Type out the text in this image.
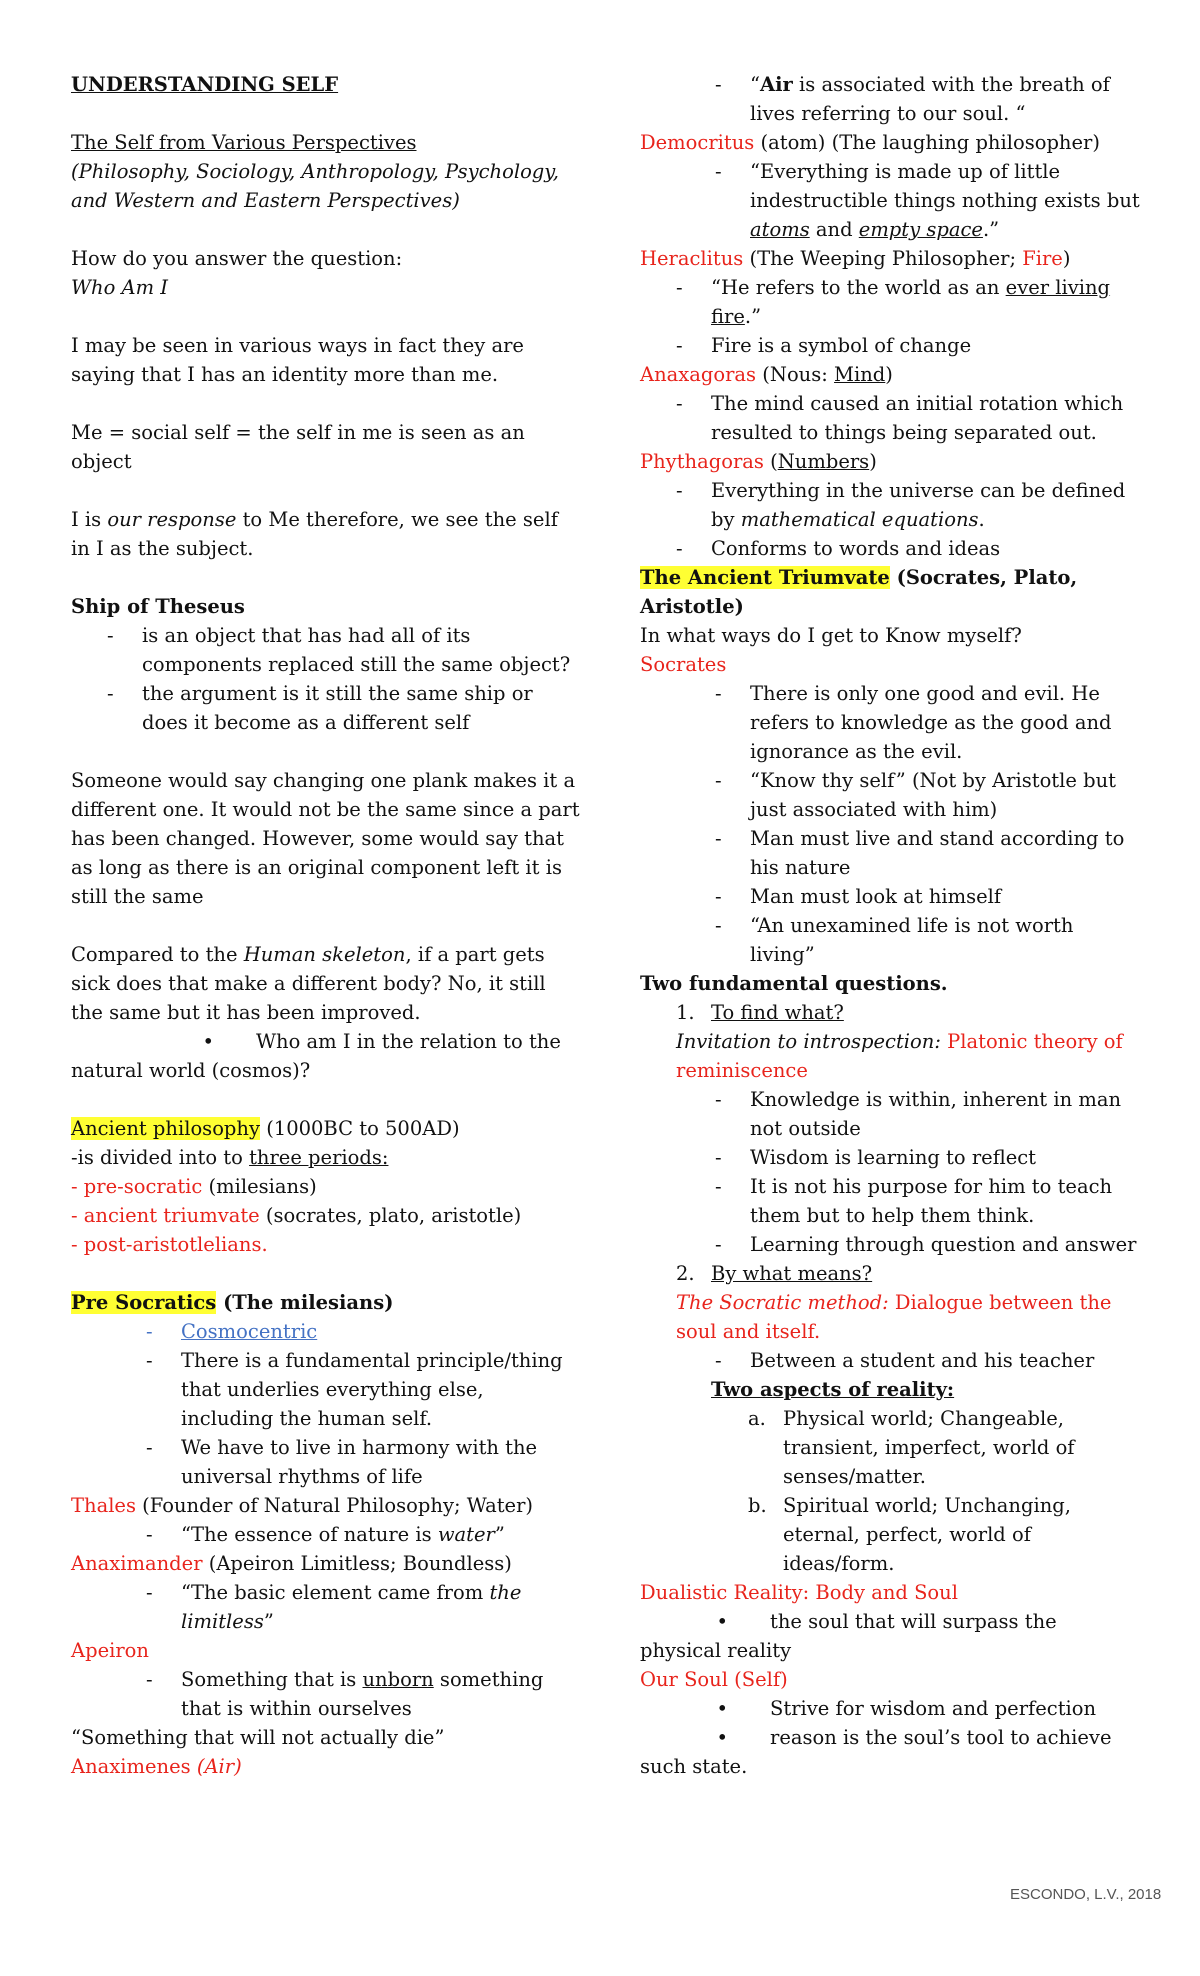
UNDERSTANDING SELF

The Self from Various Perspectives

(Philosophy, Sociology, Anthropology, Psychology, and Western and Eastern Perspectives)

How do you answer the question:

Who Am I

I may be seen in various ways in fact they are saying that I has an identity more than me.

Me = social self = the self in me is seen as an object

I is our response to Me therefore, we see the self in I as the subject.

Ship of Theseus

- is an object that has had all of its components replaced still the same object?
- the argument is it still the same ship or does it become as a different self

Someone would say changing one plank makes it a different one. It would not be the same since a part has been changed. However, some would say that as long as there is an original component left it is still the same

Compared to the Human skeleton, if a part gets sick does that make a different body? No, it still the same but it has been improved.

• Who am I in the relation to the

natural world (cosmos)?

Ancient philosophy (1000BC to 500AD)

-is divided into to three periods:

- pre-socratic (milesians)

- ancient triumvate (socrates, plato, aristotle)

- post-aristotlelians.

Pre Socratics (The milesians)

- Cosmocentric
- There is a fundamental principle/thing that underlies everything else, including the human self.
- We have to live in harmony with the universal rhythms of life

Thales (Founder of Natural Philosophy; Water)

- “The essence of nature is water”

Anaximander (Apeiron Limitless; Boundless)

- “The basic element came from the limitless”

Apeiron

- Something that is unborn something that is within ourselves

“Something that will not actually die”

Anaximenes (Air)

- “Air is associated with the breath of lives referring to our soul. “

Democritus (atom) (The laughing philosopher)

- “Everything is made up of little indestructible things nothing exists but atoms and empty space.”

Heraclitus (The Weeping Philosopher; Fire)

- “He refers to the world as an ever living fire.”
- Fire is a symbol of change

Anaxagoras (Nous: Mind)

- The mind caused an initial rotation which resulted to things being separated out.

Phythagoras (Numbers)

- Everything in the universe can be defined by mathematical equations.
- Conforms to words and ideas

The Ancient Triumvate (Socrates, Plato, Aristotle)

In what ways do I get to Know myself?

Socrates

- There is only one good and evil. He refers to knowledge as the good and ignorance as the evil.
- “Know thy self” (Not by Aristotle but just associated with him)
- Man must live and stand according to his nature
- Man must look at himself
- “An unexamined life is not worth living”

Two fundamental questions.

1. To find what?

Invitation to introspection: Platonic theory of reminiscence

- Knowledge is within, inherent in man not outside
- Wisdom is learning to reflect
- It is not his purpose for him to teach them but to help them think.
- Learning through question and answer
2. By what means?

The Socratic method: Dialogue between the soul and itself.

- Between a student and his teacher

Two aspects of reality:

a. Physical world; Changeable, transient, imperfect, world of senses/matter.
b. Spiritual world; Unchanging, eternal, perfect, world of ideas/form.

Dualistic Reality: Body and Soul

• the soul that will surpass the

physical reality

Our Soul (Self)

• Strive for wisdom and perfection

• reason is the soul’s tool to achieve

such state.

ESCONDO, L.V., 2018
